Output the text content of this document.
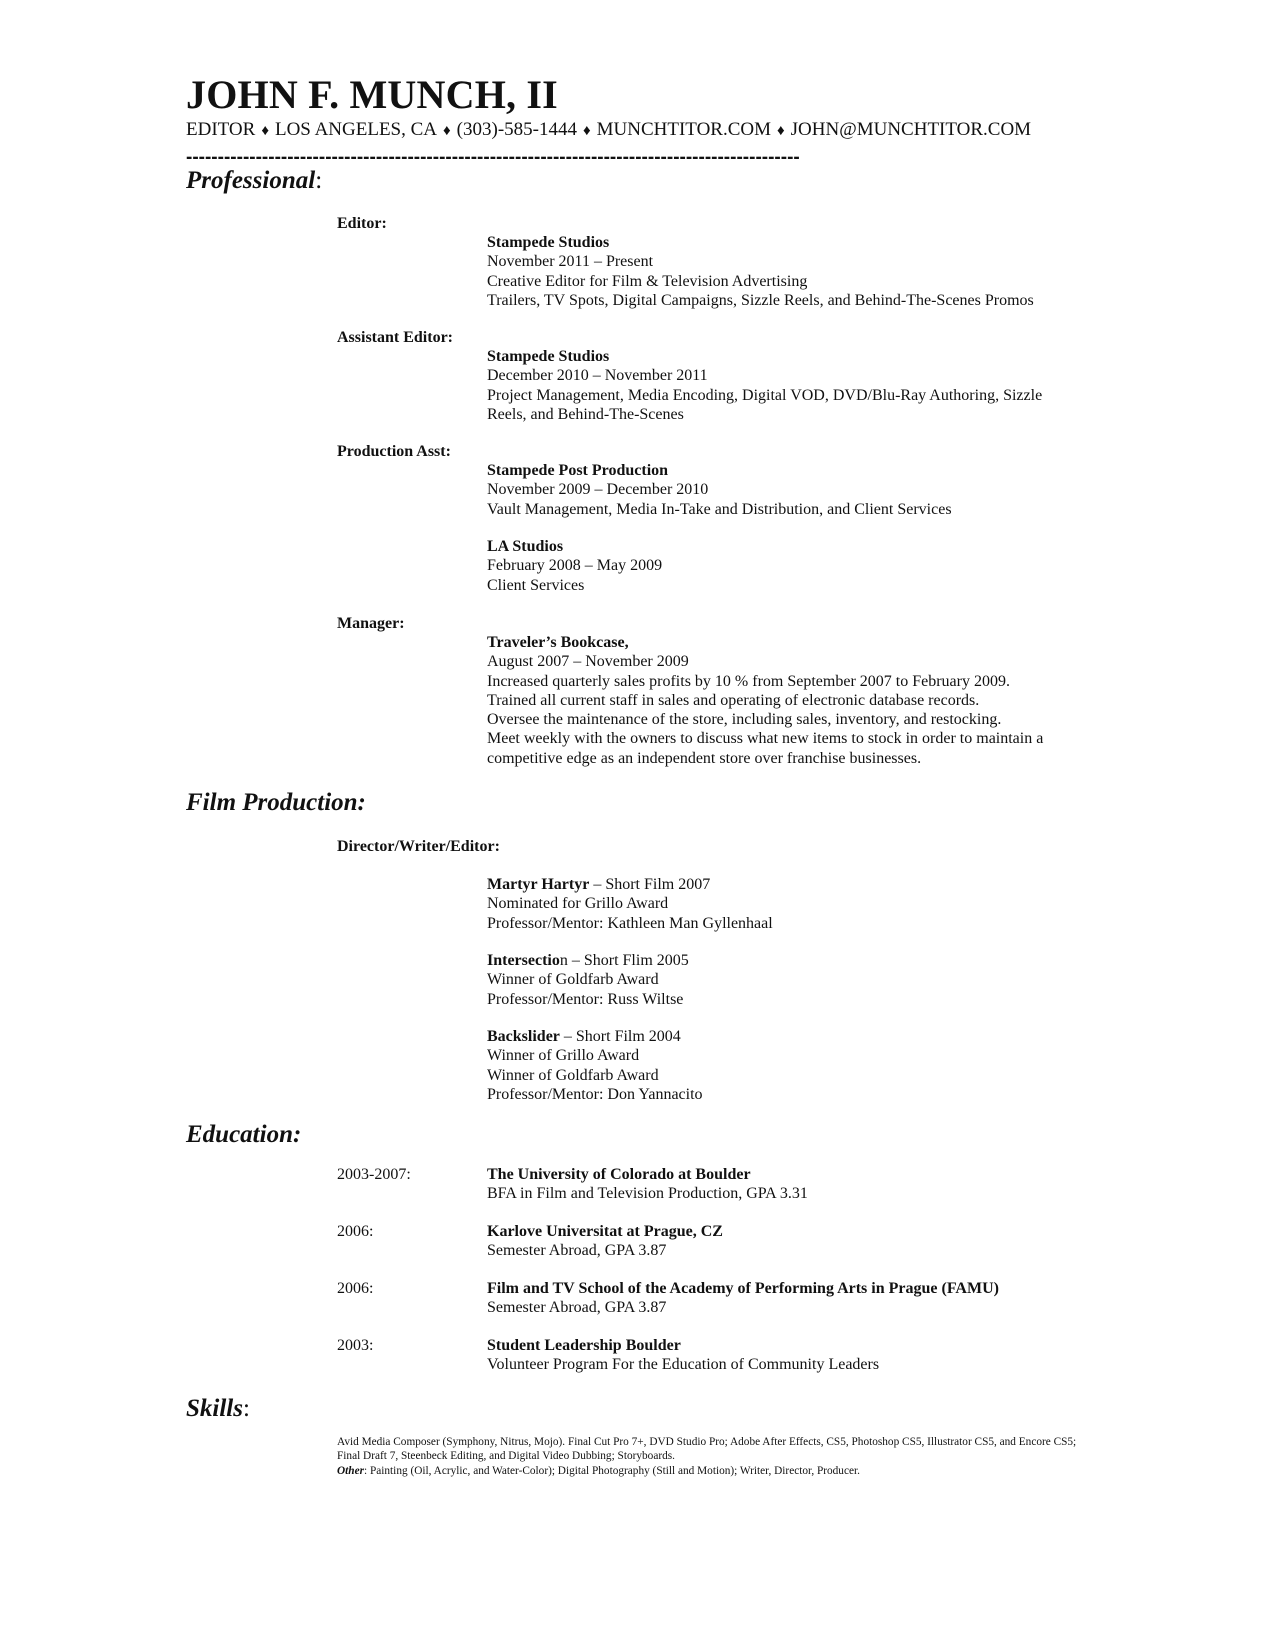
JOHN F. MUNCH, II
EDITOR ♦ LOS ANGELES, CA ♦ (303)-585-1444 ♦ MUNCHTITOR.COM ♦ JOHN@MUNCHTITOR.COM
-------------------------------------------------------------------------------------------------
Professional:
Editor:
Stampede Studios
November 2011 – Present
Creative Editor for Film & Television Advertising
Trailers, TV Spots, Digital Campaigns, Sizzle Reels, and Behind-The-Scenes Promos
Assistant Editor:
Stampede Studios
December 2010 – November 2011
Project Management, Media Encoding, Digital VOD, DVD/Blu-Ray Authoring, Sizzle Reels, and Behind-The-Scenes
Production Asst:
Stampede Post Production
November 2009 – December 2010
Vault Management, Media In-Take and Distribution, and Client Services
LA Studios
February 2008 – May 2009
Client Services
Manager:
Traveler’s Bookcase,
August 2007 – November 2009
Increased quarterly sales profits by 10 % from September 2007 to February 2009.
Trained all current staff in sales and operating of electronic database records.
Oversee the maintenance of the store, including sales, inventory, and restocking.
Meet weekly with the owners to discuss what new items to stock in order to maintain a competitive edge as an independent store over franchise businesses.
Film Production:
Director/Writer/Editor:
Martyr Hartyr – Short Film 2007
Nominated for Grillo Award
Professor/Mentor: Kathleen Man Gyllenhaal
Intersection – Short Flim 2005
Winner of Goldfarb Award
Professor/Mentor: Russ Wiltse
Backslider – Short Film 2004
Winner of Grillo Award
Winner of Goldfarb Award
Professor/Mentor: Don Yannacito
Education:
2003-2007:	The University of Colorado at Boulder
BFA in Film and Television Production, GPA 3.31
2006:	Karlove Universitat at Prague, CZ
Semester Abroad, GPA 3.87
2006:	Film and TV School of the Academy of Performing Arts in Prague (FAMU)
Semester Abroad, GPA 3.87
2003:	Student Leadership Boulder
Volunteer Program For the Education of Community Leaders
Skills:
Avid Media Composer (Symphony, Nitrus, Mojo). Final Cut Pro 7+, DVD Studio Pro; Adobe After Effects, CS5, Photoshop CS5, Illustrator CS5, and Encore CS5; Final Draft 7, Steenbeck Editing, and Digital Video Dubbing; Storyboards.
Other: Painting (Oil, Acrylic, and Water-Color); Digital Photography (Still and Motion); Writer, Director, Producer.
